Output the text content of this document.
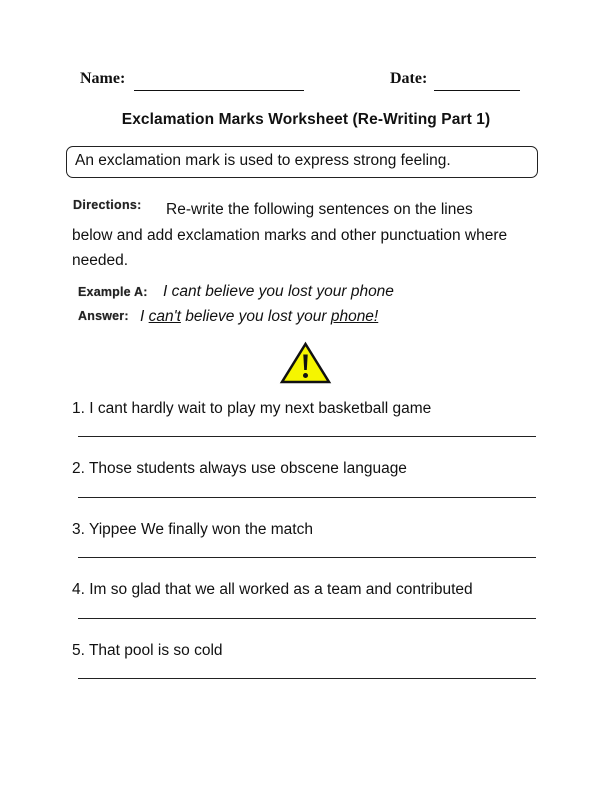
Name:	Date:
Exclamation Marks Worksheet (Re-Writing Part 1)
An exclamation mark is used to express strong feeling.
Directions:	Re-write the following sentences on the lines below and add exclamation marks and other punctuation where needed.
Example A: I cant believe you lost your phone
Answer: I can't believe you lost your phone!
1. I cant hardly wait to play my next basketball game
2. Those students always use obscene language
3. Yippee We finally won the match
4. Im so glad that we all worked as a team and contributed
5. That pool is so cold
